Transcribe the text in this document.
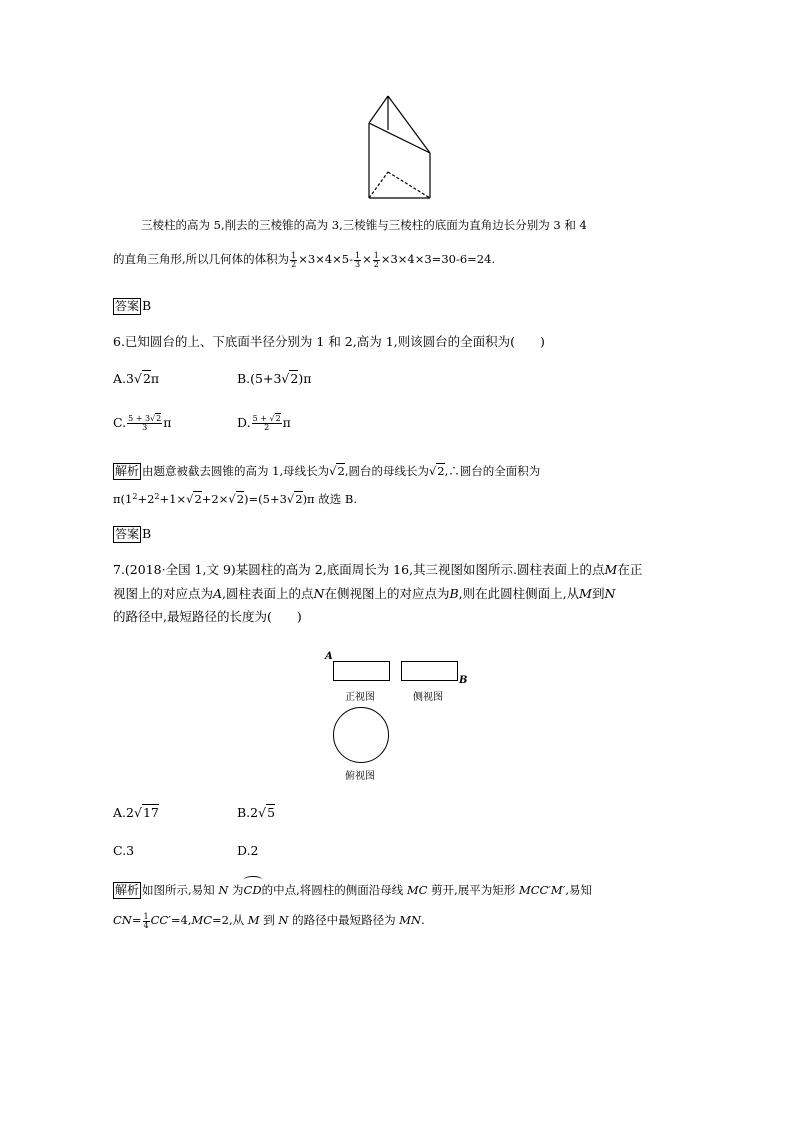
三棱柱的高为 5,削去的三棱锥的高为 3,三棱锥与三棱柱的底面为直角边长分别为 3 和 4
的直角三角形,所以几何体的体积为 $\frac{1}{2} \times 3\times 4\times 5- \frac{1}{3} \times \frac{1}{2} \times 3\times 4\times 3=30-6=24$.
答案 B
6.已知圆台的上、下底面半径分别为 1 和 2,高为 1,则该圆台的全面积为(　　)
A.3√ 2π	B.(5+3√ 2)π
C. $\frac{5 + 3√ 2}{3}$ π	D. $\frac{5 + √ 2}{2}$ π
解析 由题意被截去圆锥的高为 1,母线长为√ 2,圆台的母线长为√ 2,∴圆台的全面积为
$\pi(1^2+2^2+1\times√$ 2+2×√ 2)=(5+3√ 2)π 故选 B.
答案 B
7.(2018·全国 1,文 9)某圆柱的高为 2,底面周长为 16,其三视图如图所示.圆柱表面上的点M在正
视图上的对应点为A,圆柱表面上的点N在侧视图上的对应点为B,则在此圆柱侧面上,从M到N
的路径中,最短路径的长度为(　　)
A
B
正视图	侧视图
俯视图
A.2√ 17	B.2√ 5
C.3	D.2
解析 如图所示,易知 N 为
CD的中点,将圆柱的侧面沿母线 MC 剪开,展平为矩形 MCC′M′,易知
$CN= \frac{1}{4} CC'=4,MC=2$,从 M 到 N 的路径中最短路径为 MN.
